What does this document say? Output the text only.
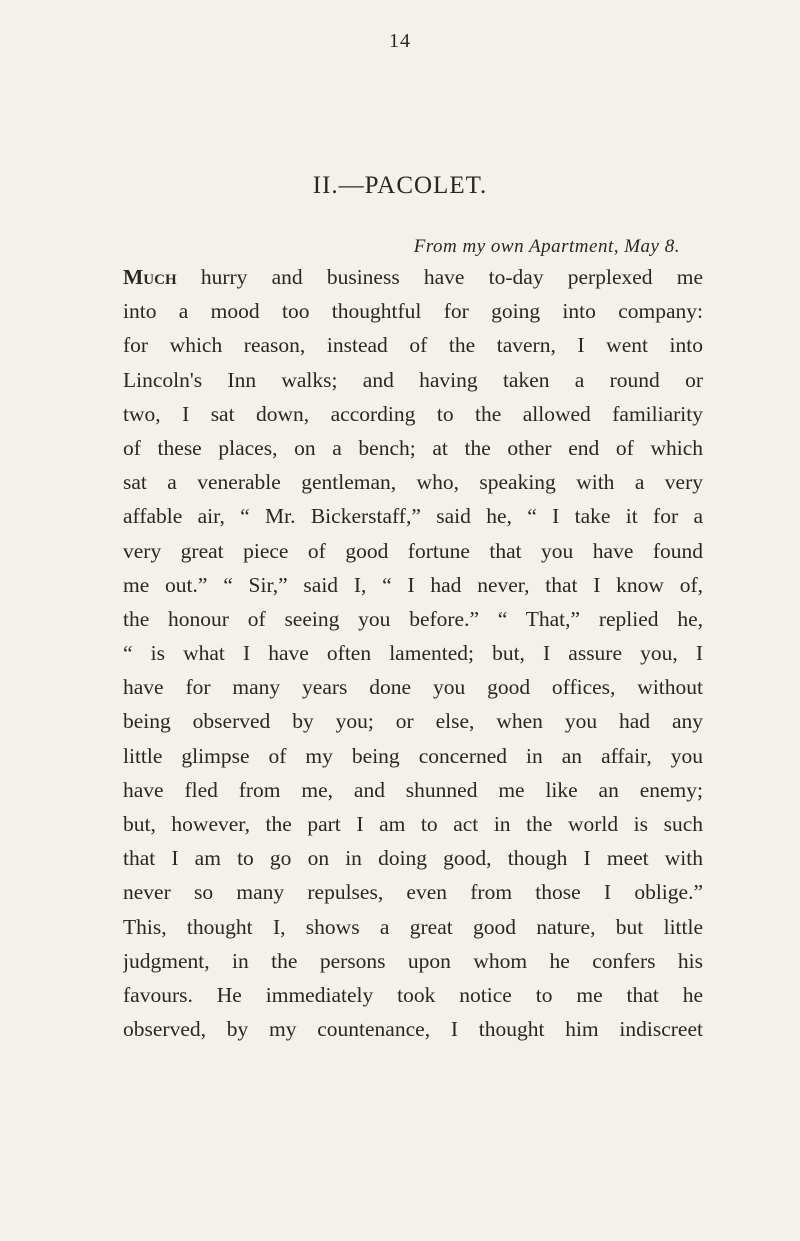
14
II.—PACOLET.
From my own Apartment, May 8.
Much hurry and business have to-day perplexed me
into a mood too thoughtful for going into company:
for which reason, instead of the tavern, I went into
Lincoln's Inn walks; and having taken a round or
two, I sat down, according to the allowed familiarity
of these places, on a bench; at the other end of which
sat a venerable gentleman, who, speaking with a very
affable air, “ Mr. Bickerstaff,” said he, “ I take it for a
very great piece of good fortune that you have found
me out.” “ Sir,” said I, “ I had never, that I know of,
the honour of seeing you before.” “ That,” replied he,
“ is what I have often lamented; but, I assure you, I
have for many years done you good offices, without
being observed by you; or else, when you had any
little glimpse of my being concerned in an affair, you
have fled from me, and shunned me like an enemy;
but, however, the part I am to act in the world is such
that I am to go on in doing good, though I meet with
never so many repulses, even from those I oblige.”
This, thought I, shows a great good nature, but little
judgment, in the persons upon whom he confers his
favours. He immediately took notice to me that he
observed, by my countenance, I thought him indiscreet
